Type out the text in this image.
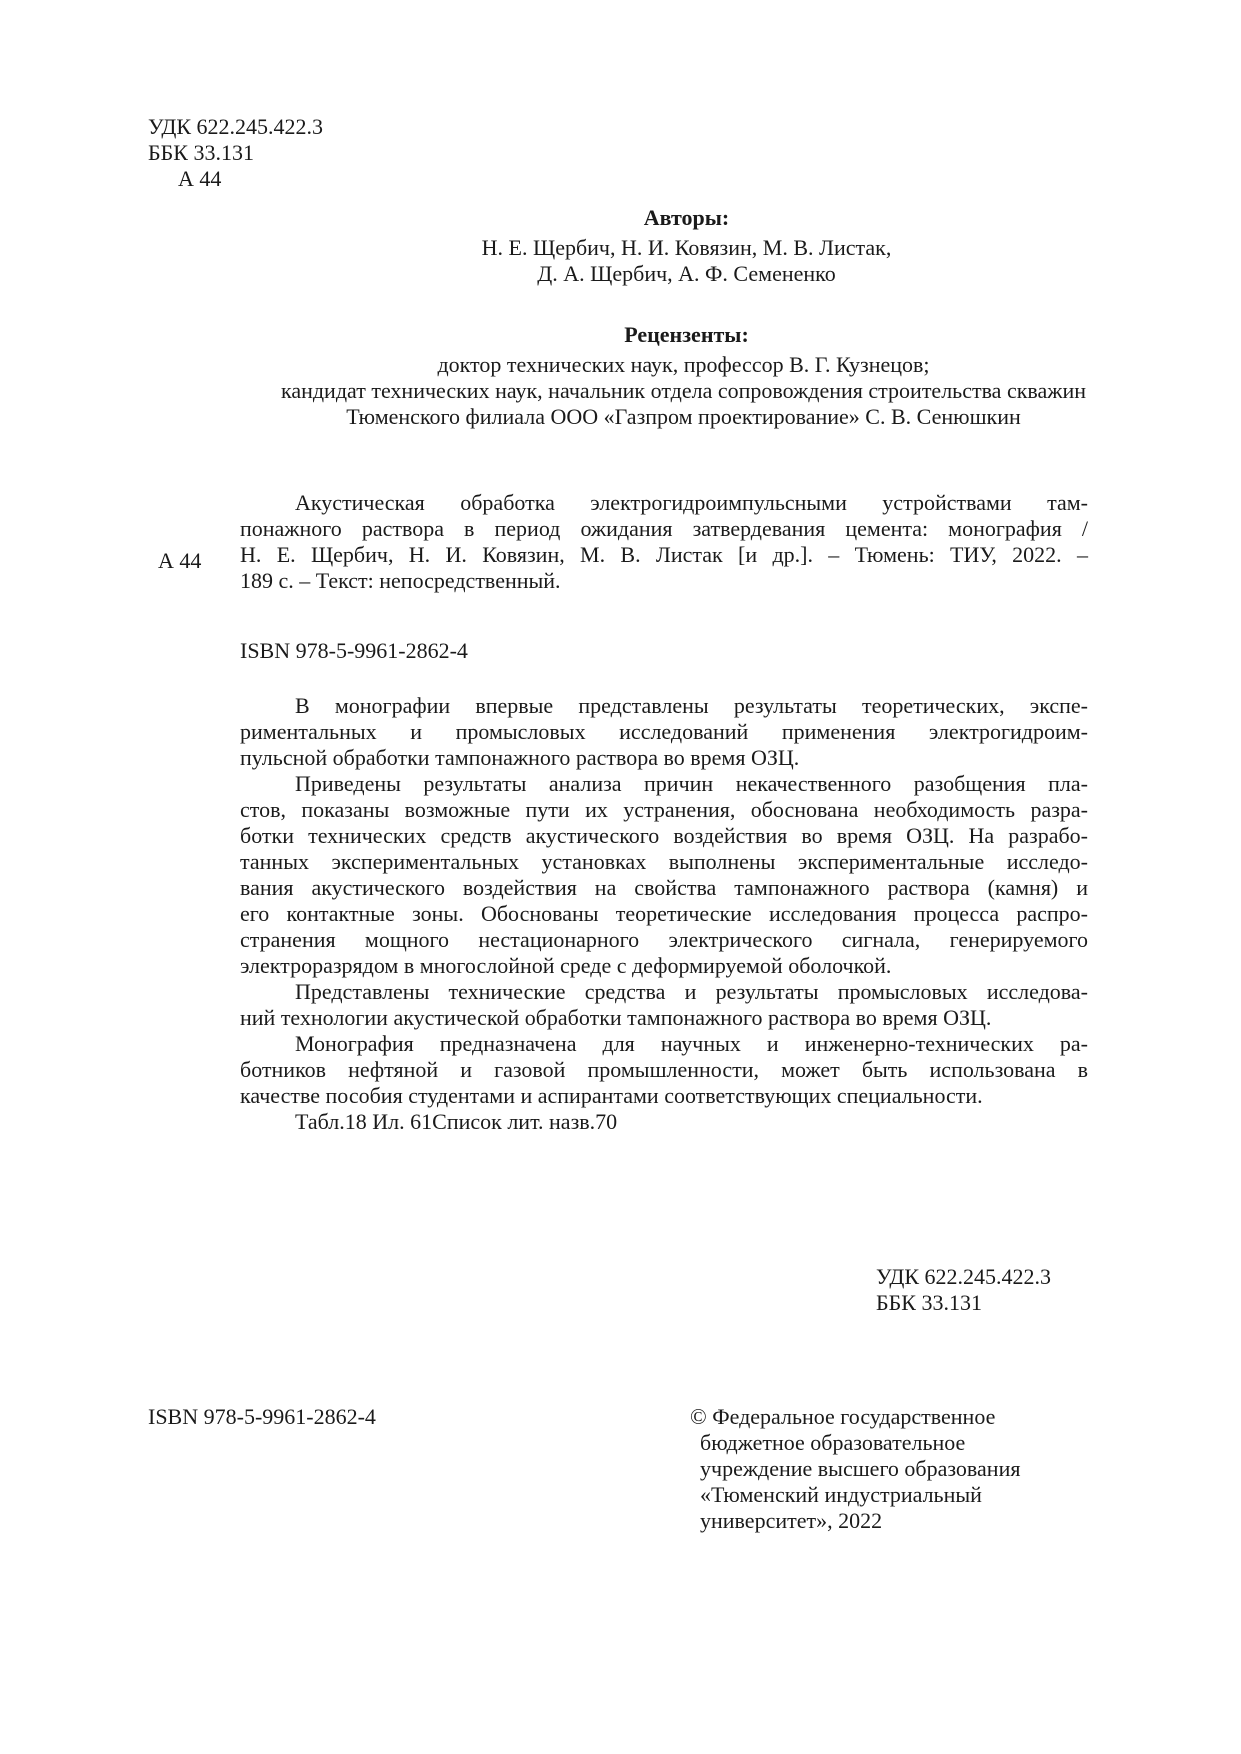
УДК 622.245.422.3
ББК 33.131
А 44
Авторы:
Н. Е. Щербич, Н. И. Ковязин, М. В. Листак,
Д. А. Щербич, А. Ф. Семененко
Рецензенты:
доктор технических наук, профессор В. Г. Кузнецов;
кандидат технических наук, начальник отдела сопровождения строительства скважин
Тюменского филиала ООО «Газпром проектирование» С. В. Сенюшкин
А 44
Акустическая обработка электрогидроимпульсными устройствами там-
понажного раствора в период ожидания затвердевания цемента: монография /
Н. Е. Щербич, Н. И. Ковязин, М. В. Листак [и др.]. – Тюмень: ТИУ, 2022. –
189 с. – Текст: непосредственный.
ISBN 978-5-9961-2862-4
В монографии впервые представлены результаты теоретических, экспе-
риментальных и промысловых исследований применения электрогидроим-
пульсной обработки тампонажного раствора во время ОЗЦ.
Приведены результаты анализа причин некачественного разобщения пла-
стов, показаны возможные пути их устранения, обоснована необходимость разра-
ботки технических средств акустического воздействия во время ОЗЦ. На разрабо-
танных экспериментальных установках выполнены экспериментальные исследо-
вания акустического воздействия на свойства тампонажного раствора (камня) и
его контактные зоны. Обоснованы теоретические исследования процесса распро-
странения мощного нестационарного электрического сигнала, генерируемого
электроразрядом в многослойной среде с деформируемой оболочкой.
Представлены технические средства и результаты промысловых исследова-
ний технологии акустической обработки тампонажного раствора во время ОЗЦ.
Монография предназначена для научных и инженерно-технических ра-
ботников нефтяной и газовой промышленности, может быть использована в
качестве пособия студентами и аспирантами соответствующих специальности.
Табл.18 Ил. 61Список лит. назв.70
УДК 622.245.422.3
ББК 33.131
ISBN 978-5-9961-2862-4	© Федеральное государственное
бюджетное образовательное
учреждение высшего образования
«Тюменский индустриальный
университет», 2022
